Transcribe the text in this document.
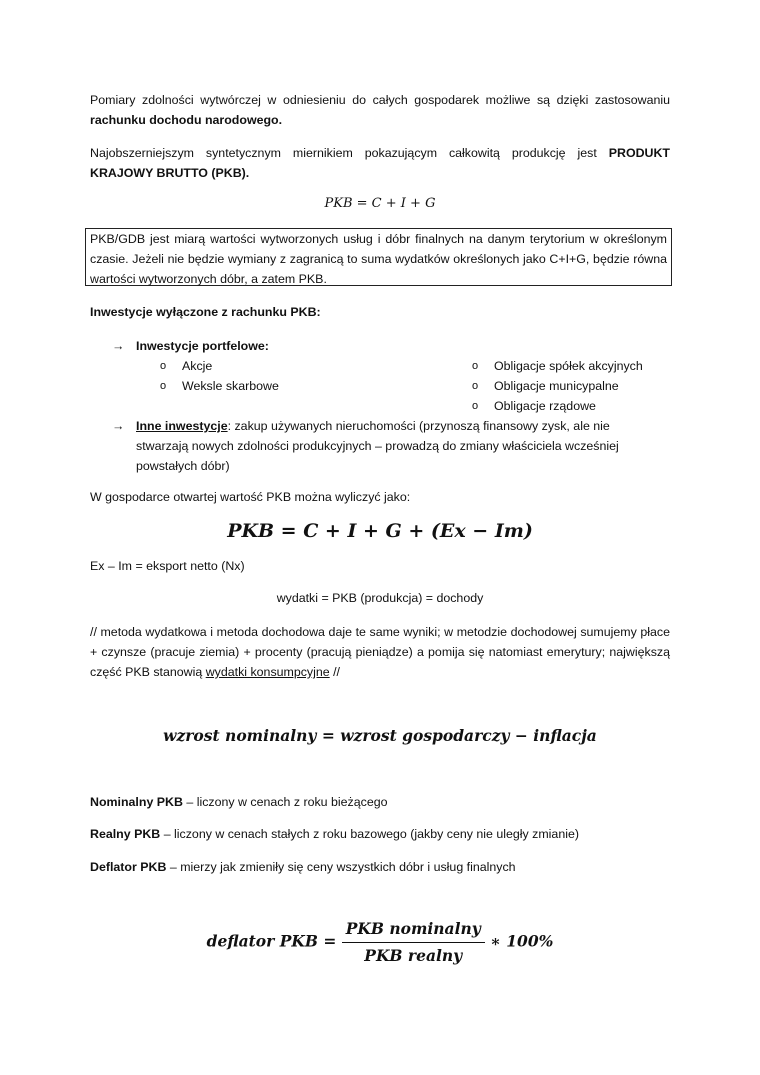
Pomiary zdolności wytwórczej w odniesieniu do całych gospodarek możliwe są dzięki zastosowaniu rachunku dochodu narodowego.

Najobszerniejszym syntetycznym miernikiem pokazującym całkowitą produkcję jest PRODUKT KRAJOWY BRUTTO (PKB).

PKB = C + I + G
PKB/GDB jest miarą wartości wytworzonych usług i dóbr finalnych na danym terytorium w określonym czasie. Jeżeli nie będzie wymiany z zagranicą to suma wydatków określonych jako C+I+G, będzie równa wartości wytworzonych dóbr, a zatem PKB.

Inwestycje wyłączone z rachunku PKB:

→ Inwestycje portfelowe:

o Akcje
o Weksle skarbowe
o Obligacje spółek akcyjnych
o Obligacje municypalne
o Obligacje rządowe
→ Inne inwestycje: zakup używanych nieruchomości (przynoszą finansowy zysk, ale nie stwarzają nowych zdolności produkcyjnych – prowadzą do zmiany właściciela wcześniej powstałych dóbr)

W gospodarce otwartej wartość PKB można wyliczyć jako:

PKB = C + I + G + (Ex − Im)

Ex – Im = eksport netto (Nx)

wydatki = PKB (produkcja) = dochody

// metoda wydatkowa i metoda dochodowa daje te same wyniki; w metodzie dochodowej sumujemy płace + czynsze (pracuje ziemia) + procenty (pracują pieniądze) a pomija się natomiast emerytury; największą część PKB stanowią wydatki konsumpcyjne //

wzrost nominalny = wzrost gospodarczy − inflacja

Nominalny PKB – liczony w cenach z roku bieżącego

Realny PKB – liczony w cenach stałych z roku bazowego (jakby ceny nie uległy zmianie)

Deflator PKB – mierzy jak zmieniły się ceny wszystkich dóbr i usług finalnych

deflator PKB = $\frac{\text{PKB nominalny}}{\text{PKB realny}}$ ∗ 100%
